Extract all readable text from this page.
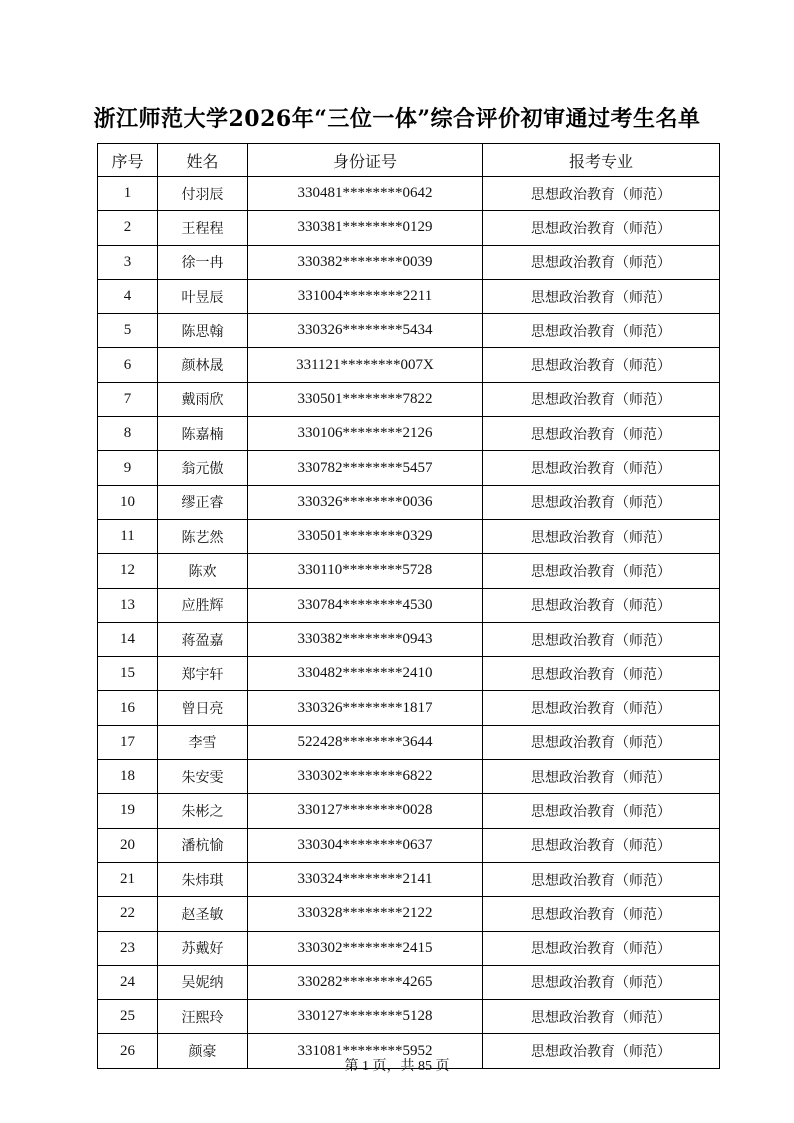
浙江师范大学2026年“三位一体”综合评价初审通过考生名单
序号	姓名	身份证号	报考专业
1	付羽辰	330481********0642	思想政治教育（师范）
2	王程程	330381********0129	思想政治教育（师范）
3	徐一冉	330382********0039	思想政治教育（师范）
4	叶昱辰	331004********2211	思想政治教育（师范）
5	陈思翰	330326********5434	思想政治教育（师范）
6	颜林晟	331121********007X	思想政治教育（师范）
7	戴雨欣	330501********7822	思想政治教育（师范）
8	陈嘉楠	330106********2126	思想政治教育（师范）
9	翁元傲	330782********5457	思想政治教育（师范）
10	缪正睿	330326********0036	思想政治教育（师范）
11	陈艺然	330501********0329	思想政治教育（师范）
12	陈欢	330110********5728	思想政治教育（师范）
13	应胜辉	330784********4530	思想政治教育（师范）
14	蒋盈嘉	330382********0943	思想政治教育（师范）
15	郑宇轩	330482********2410	思想政治教育（师范）
16	曾日亮	330326********1817	思想政治教育（师范）
17	李雪	522428********3644	思想政治教育（师范）
18	朱安雯	330302********6822	思想政治教育（师范）
19	朱彬之	330127********0028	思想政治教育（师范）
20	潘杭愉	330304********0637	思想政治教育（师范）
21	朱炜琪	330324********2141	思想政治教育（师范）
22	赵圣敏	330328********2122	思想政治教育（师范）
23	苏戴好	330302********2415	思想政治教育（师范）
24	吴妮纳	330282********4265	思想政治教育（师范）
25	汪熙玲	330127********5128	思想政治教育（师范）
26	颜豪	331081********5952	思想政治教育（师范）
第 1 页，共 85 页
